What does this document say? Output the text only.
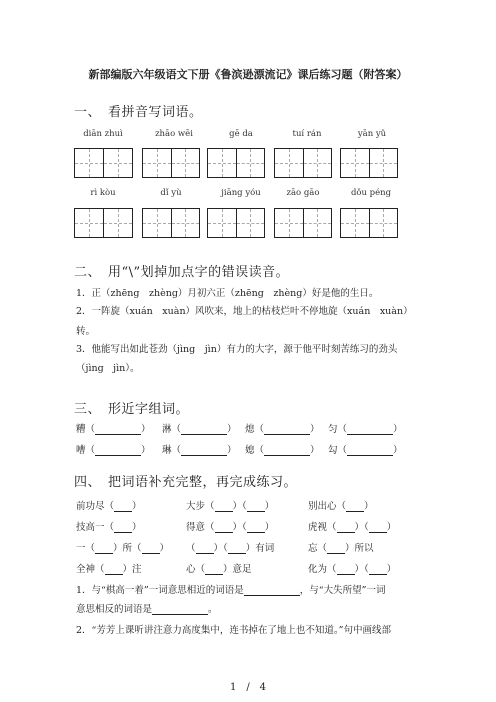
新部编版六年级语文下册《鲁滨逊漂流记》课后练习题（附答案）
一、　看拼音写词语。
diān zhuì	zhāo wēi	gē da	tuí rán	yān yǔ
rì kòu	dǐ yù	jiāng yóu	zāo gāo	dǒu péng
二、　用“\”划掉加点字的错误读音。
1．正（zhēng　zhèng）月初六正（zhēng　zhèng）好是他的生日。
2．一阵旋（xuán　xuàn）风吹来，地上的枯枝烂叶不停地旋（xuán　xuàn）
转。
3．他能写出如此苍劲（jìng　jìn）有力的大字，源于他平时刻苦练习的劲头
（jìng　jìn）。
三、　形近字组词。
糟（	） 淋（	） 熄（	） 匀（	）
嘈（	） 琳（	） 媳（	） 勾（	）
四、　把词语补充完整，再完成练习。
前功尽（ ）	大步（ ）（ ）	别出心（ ）
技高一（ ）	得意（ ）（ ）	虎视（ ）（ ）
一（ ）所（ ） （ ）（ ）有词	忘（ ）所以
全神（ ）注	心（ ）意足	化为（ ）（ ）
1．与“棋高一着”一词意思相近的词语是	，与“大失所望”一词
意思相反的词语是	。
2．“芳芳上课听讲注意力高度集中，连书掉在了地上也不知道。”句中画线部
1　/　4
